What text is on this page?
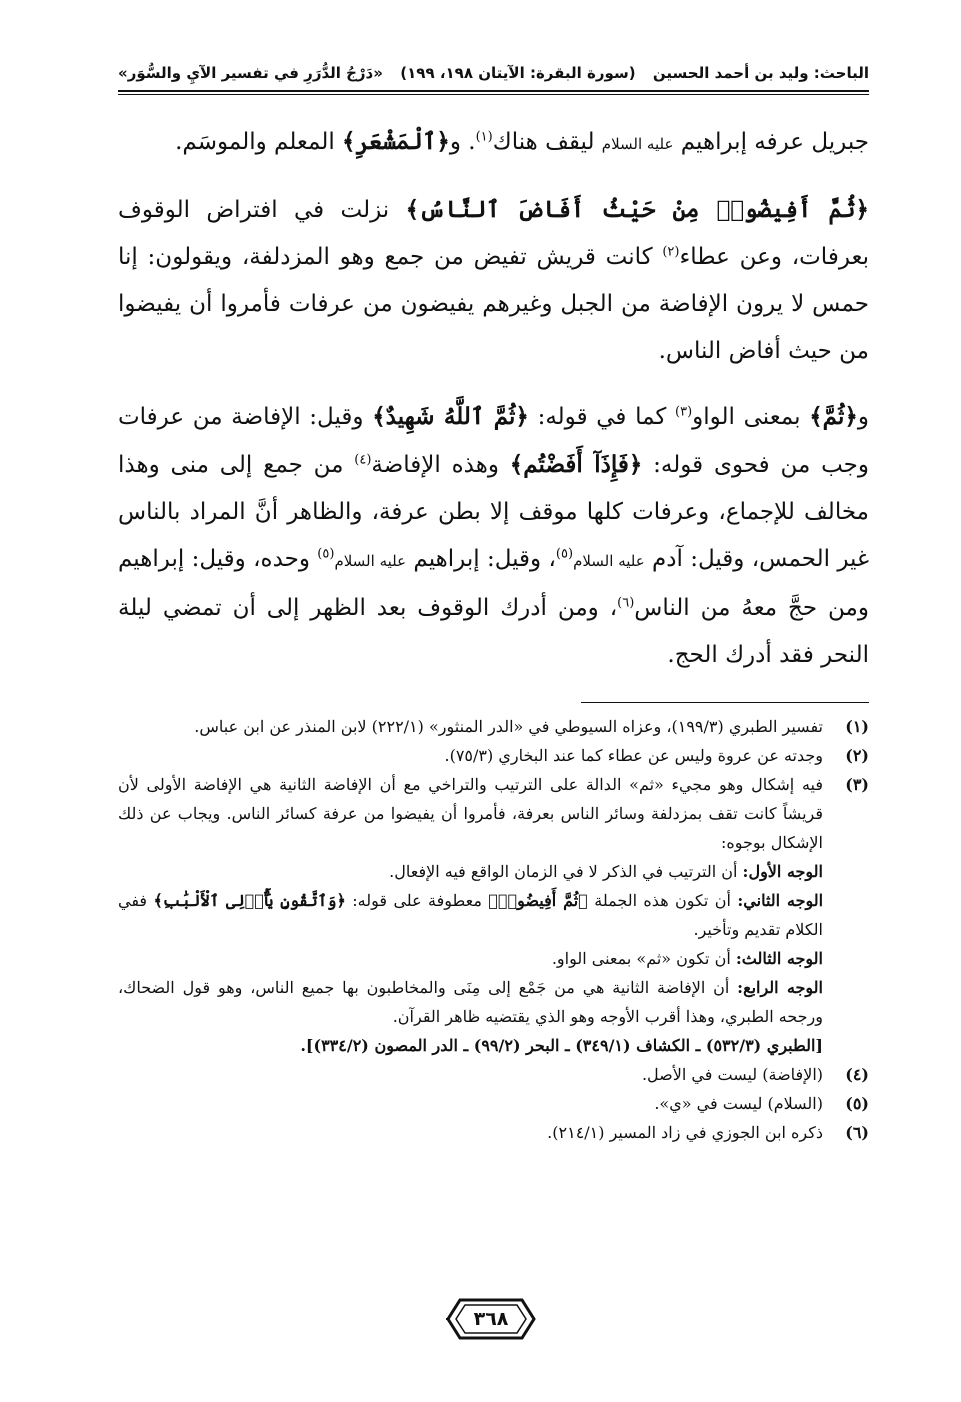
الباحث: وليد بن أحمد الحسين
(سورة البقرة: الآيتان ١٩٨، ١٩٩)
«دَرْجُ الدُّرَرِ في تفسير الآيِ والسُّوَر»

جبريل عرفه إبراهيم عليه السلام ليقف هناك$^{(١)}$. و﴿ٱلْمَشْعَرِ﴾ المعلم والموسَم.

﴿ثُمَّ أَفِيضُوا۟ مِنْ حَيْثُ أَفَاضَ ٱلنَّاسُ﴾ نزلت في افتراض الوقوف بعرفات، وعن عطاء$^{(٢)}$ كانت قريش تفيض من جمع وهو المزدلفة، ويقولون: إنا حمس لا يرون الإفاضة من الجبل وغيرهم يفيضون من عرفات فأمروا أن يفيضوا من حيث أفاض الناس.

و﴿ثُمَّ﴾ بمعنى الواو$^{(٣)}$ كما في قوله: ﴿ثُمَّ ٱللَّهُ شَهِيدٌ﴾ وقيل: الإفاضة من عرفات وجب من فحوى قوله: ﴿فَإِذَآ أَفَضْتُم﴾ وهذه الإفاضة$^{(٤)}$ من جمع إلى منى وهذا مخالف للإجماع، وعرفات كلها موقف إلا بطن عرفة، والظاهر أنَّ المراد بالناس غير الحمس، وقيل: آدم عليه السلام$^{(٥)}$، وقيل: إبراهيم عليه السلام$^{(٥)}$ وحده، وقيل: إبراهيم ومن حجَّ معهُ من الناس$^{(٦)}$، ومن أدرك الوقوف بعد الظهر إلى أن تمضي ليلة النحر فقد أدرك الحج.

(١)
تفسير الطبري (١٩٩/٣)، وعزاه السيوطي في «الدر المنثور» (٢٢٢/١) لابن المنذر عن ابن عباس.
(٢)
وجدته عن عروة وليس عن عطاء كما عند البخاري (٧٥/٣).
(٣)
فيه إشكال وهو مجيء «ثم» الدالة على الترتيب والتراخي مع أن الإفاضة الثانية هي الإفاضة الأولى لأن قريشاً كانت تقف بمزدلفة وسائر الناس بعرفة، فأمروا أن يفيضوا من عرفة كسائر الناس. ويجاب عن ذلك الإشكال بوجوه:
الوجه الأول: أن الترتيب في الذكر لا في الزمان الواقع فيه الإفعال.
الوجه الثاني: أن تكون هذه الجملة ﴿ثُمَّ أَفِيضُوا۟﴾ معطوفة على قوله: ﴿وَٱتَّقُونِ يَٰٓأُو۟لِى ٱلْأَلْبَٰبِ﴾ ففي الكلام تقديم وتأخير.
الوجه الثالث: أن تكون «ثم» بمعنى الواو.
الوجه الرابع: أن الإفاضة الثانية هي من جَمْع إلى مِنَى والمخاطبون بها جميع الناس، وهو قول الضحاك، ورجحه الطبري، وهذا أقرب الأوجه وهو الذي يقتضيه ظاهر القرآن.
[الطبري (٥٣٢/٣) ـ الكشاف (٣٤٩/١) ـ البحر (٩٩/٢) ـ الدر المصون (٣٣٤/٢)].
(٤)
(الإفاضة) ليست في الأصل.
(٥)
(السلام) ليست في «ي».
(٦)
ذكره ابن الجوزي في زاد المسير (٢١٤/١).
٣٦٨
